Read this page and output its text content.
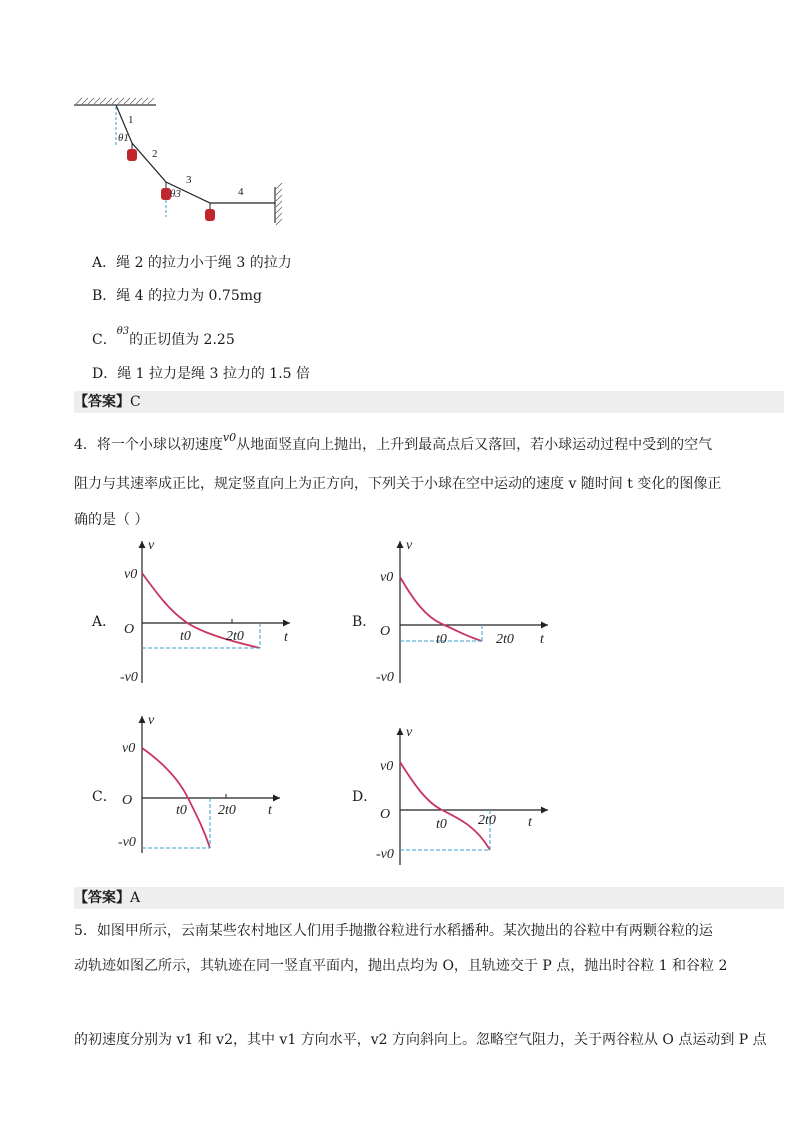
1
2
3
4
θ1
θ3
A．绳 2 的拉力小于绳 3 的拉力
B．绳 4 的拉力为 0.75mg
C．$^{\theta 3}$的正切值为 2.25
D．绳 1 拉力是绳 3 拉力的 1.5 倍
【答案】C
4．将一个小球以初速度$^{v0}$从地面竖直向上抛出，上升到最高点后又落回，若小球运动过程中受到的空气
阻力与其速率成正比，规定竖直向上为正方向，下列关于小球在空中运动的速度 v 随时间 t 变化的图像正
确的是（ ）
A．
v
v0
O
-v0
t0	2t0	t
B．
v
v0
O
-v0
t0	2t0 t
C．
v
v0
O
-v0
t0 2t0 t
D．
v
v0
O
-v0
t0 2t0 t
【答案】A
5．如图甲所示，云南某些农村地区人们用手抛撒谷粒进行水稻播种。某次抛出的谷粒中有两颗谷粒的运
动轨迹如图乙所示，其轨迹在同一竖直平面内，抛出点均为 O，且轨迹交于 P 点，抛出时谷粒 1 和谷粒 2
的初速度分别为 v1 和 v2，其中 v1 方向水平，v2 方向斜向上。忽略空气阻力，关于两谷粒从 O 点运动到 P 点
